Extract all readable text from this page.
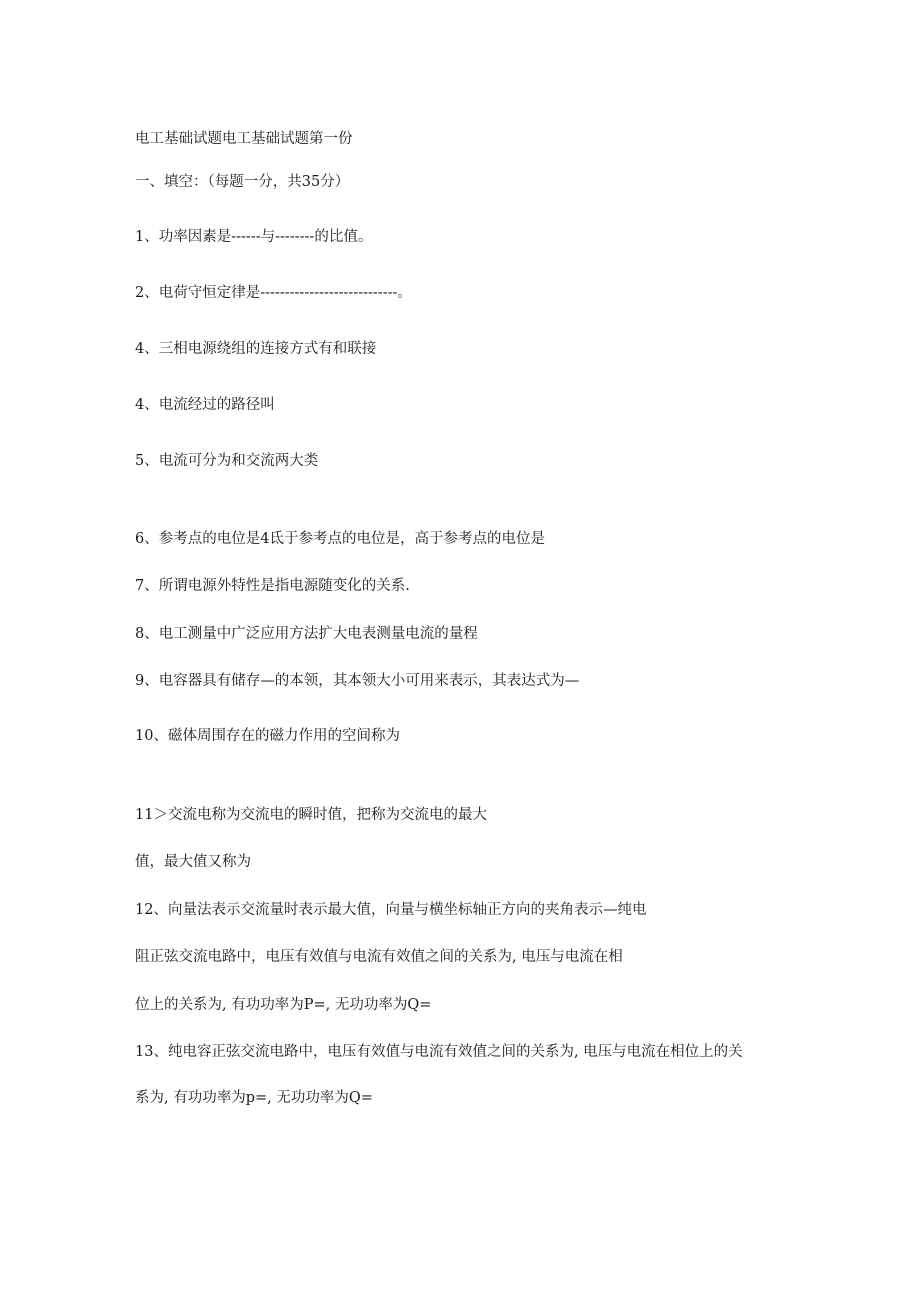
电工基础试题电工基础试题第一份
一、填空：（每题一分，共35分）
1、功率因素是------与--------的比值。
2、电荷守恒定律是----------------------------。
4、三相电源绕组的连接方式有和联接
4、电流经过的路径叫
5、电流可分为和交流两大类
6、参考点的电位是4氐于参考点的电位是，高于参考点的电位是
7、所谓电源外特性是指电源随变化的关系.
8、电工测量中广泛应用方法扩大电表测量电流的量程
9、电容器具有储存—的本领，其本领大小可用来表示，其表达式为—
10、磁体周围存在的磁力作用的空间称为
11＞交流电称为交流电的瞬时值，把称为交流电的最大
值，最大值又称为
12、向量法表示交流量时表示最大值，向量与横坐标轴正方向的夹角表示—纯电
阻正弦交流电路中，电压有效值与电流有效值之间的关系为, 电压与电流在相
位上的关系为, 有功功率为P=, 无功功率为Q=
13、纯电容正弦交流电路中，电压有效值与电流有效值之间的关系为, 电压与电流在相位上的关
系为, 有功功率为p=, 无功功率为Q=
